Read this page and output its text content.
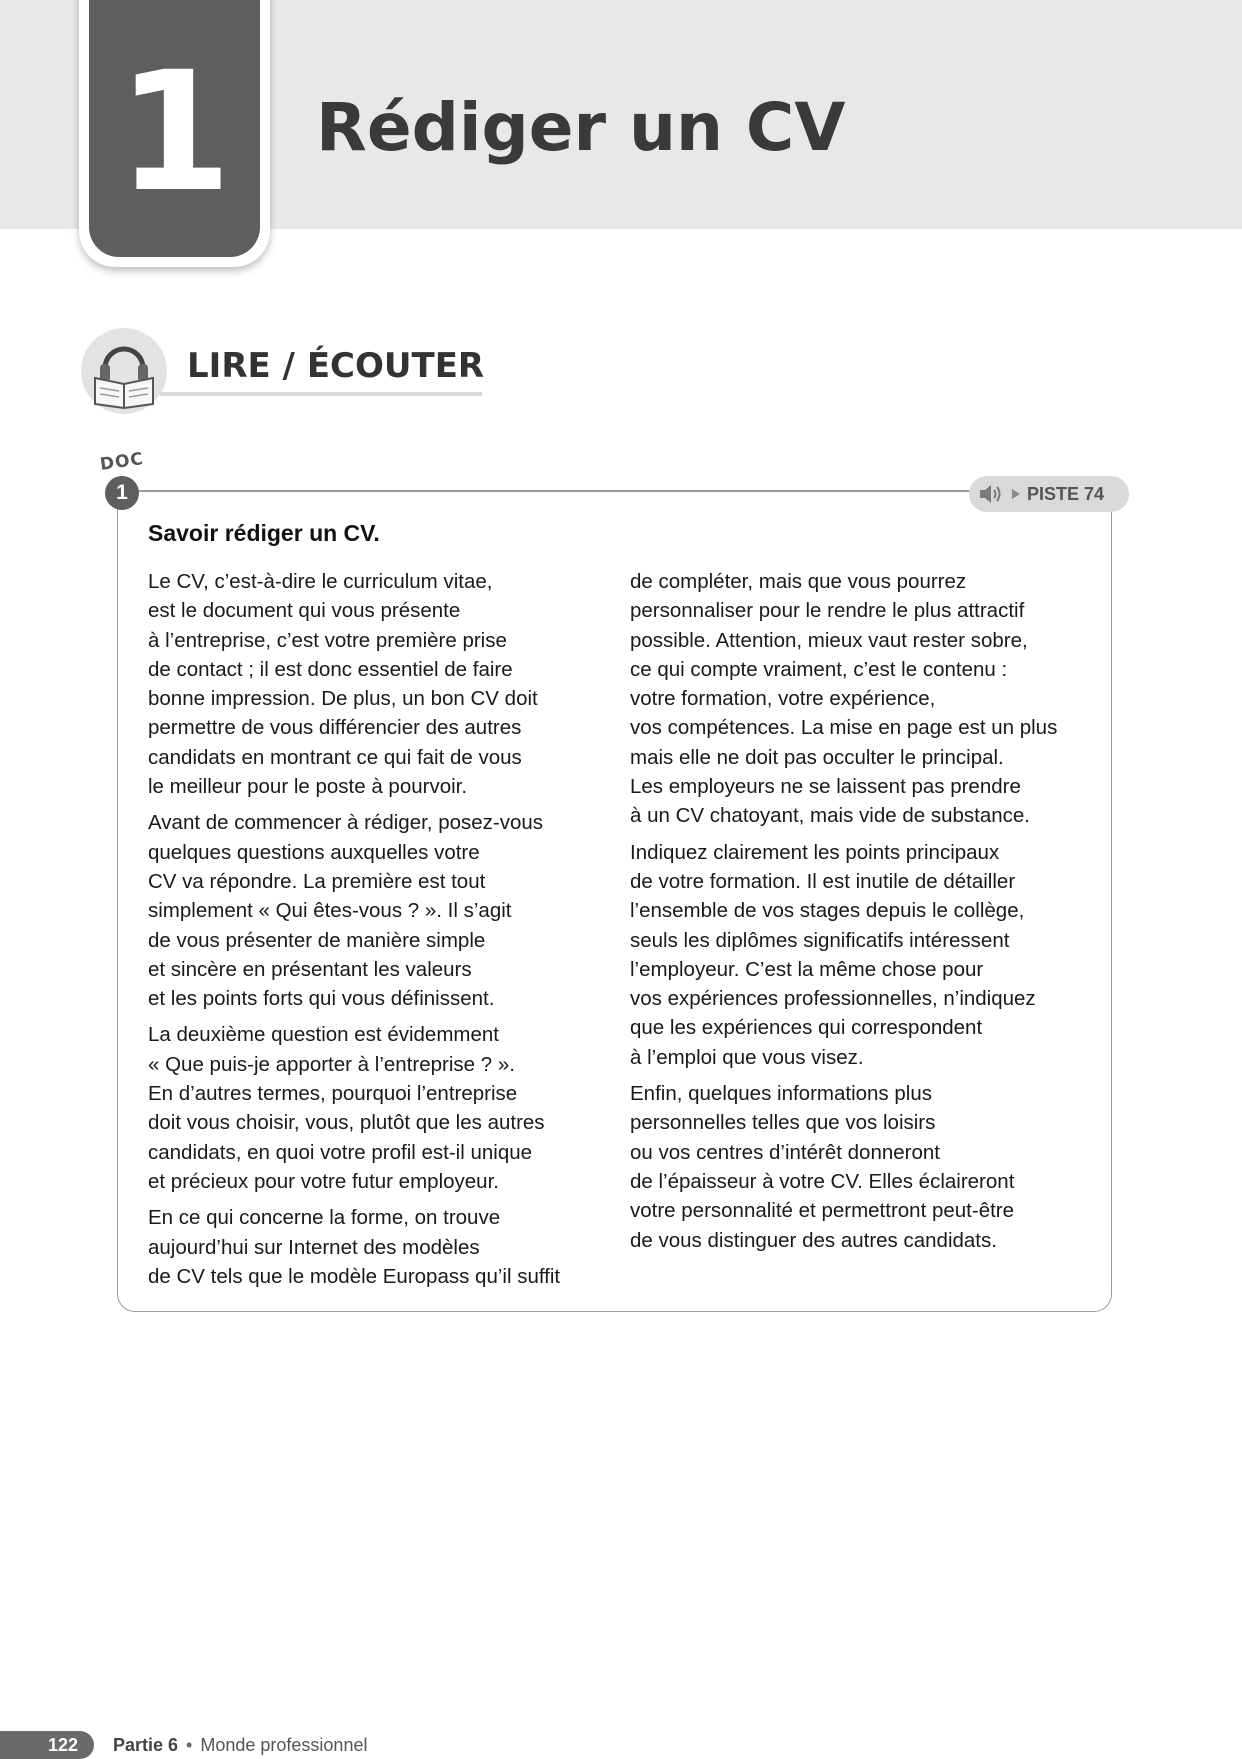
1 Rédiger un CV
LIRE / ÉCOUTER
DOC
1	PISTE 74
Savoir rédiger un CV.

Le CV, c’est-à-dire le curriculum vitae,
est le document qui vous présente
à l’entreprise, c’est votre première prise
de contact ; il est donc essentiel de faire
bonne impression. De plus, un bon CV doit
permettre de vous différencier des autres
candidats en montrant ce qui fait de vous
le meilleur pour le poste à pourvoir.

Avant de commencer à rédiger, posez-vous
quelques questions auxquelles votre
CV va répondre. La première est tout
simplement « Qui êtes-vous ? ». Il s’agit
de vous présenter de manière simple
et sincère en présentant les valeurs
et les points forts qui vous définissent.

La deuxième question est évidemment
« Que puis-je apporter à l’entreprise ? ».
En d’autres termes, pourquoi l’entreprise
doit vous choisir, vous, plutôt que les autres
candidats, en quoi votre profil est-il unique
et précieux pour votre futur employeur.

En ce qui concerne la forme, on trouve
aujourd’hui sur Internet des modèles
de CV tels que le modèle Europass qu’il suffit

de compléter, mais que vous pourrez
personnaliser pour le rendre le plus attractif
possible. Attention, mieux vaut rester sobre,
ce qui compte vraiment, c’est le contenu :
votre formation, votre expérience,
vos compétences. La mise en page est un plus
mais elle ne doit pas occulter le principal.
Les employeurs ne se laissent pas prendre
à un CV chatoyant, mais vide de substance.

Indiquez clairement les points principaux
de votre formation. Il est inutile de détailler
l’ensemble de vos stages depuis le collège,
seuls les diplômes significatifs intéressent
l’employeur. C’est la même chose pour
vos expériences professionnelles, n’indiquez
que les expériences qui correspondent
à l’emploi que vous visez.

Enfin, quelques informations plus
personnelles telles que vos loisirs
ou vos centres d’intérêt donneront
de l’épaisseur à votre CV. Elles éclaireront
votre personnalité et permettront peut-être
de vous distinguer des autres candidats.

122	Partie 6 • Monde professionnel
